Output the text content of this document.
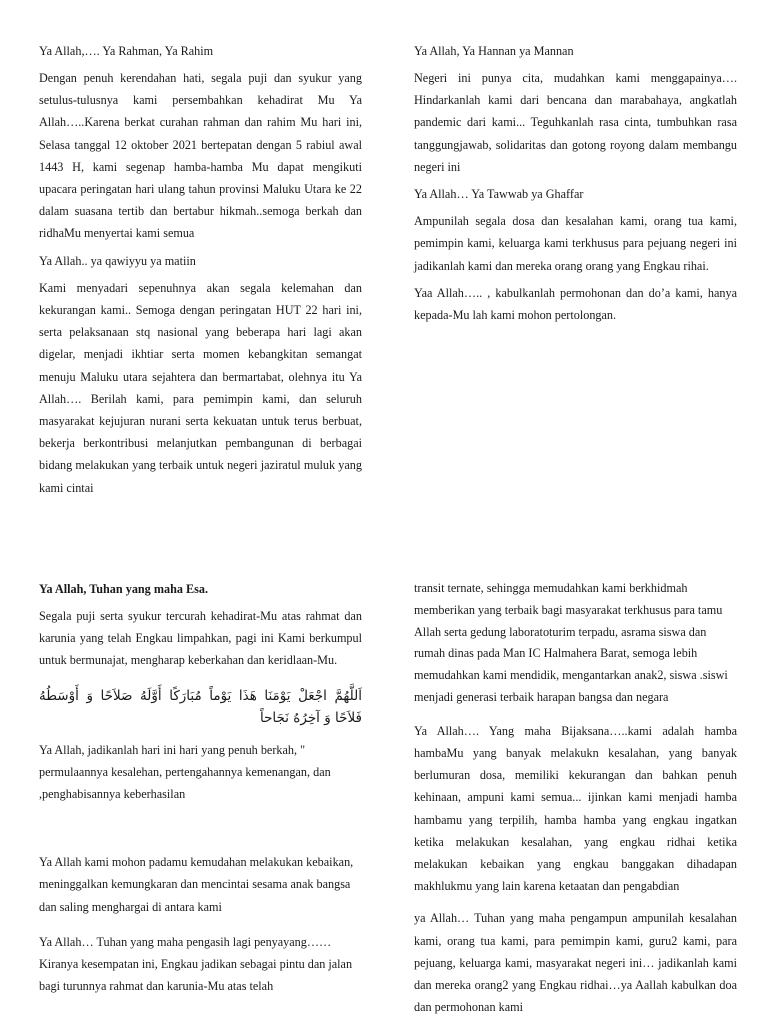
Ya Allah,…. Ya Rahman, Ya Rahim

Dengan penuh kerendahan hati, segala puji dan syukur yang setulus-tulusnya kami persembahkan kehadirat Mu Ya Allah…..Karena berkat curahan rahman dan rahim Mu hari ini, Selasa tanggal 12 oktober 2021 bertepatan dengan 5 rabiul awal 1443 H, kami segenap hamba-hamba Mu dapat mengikuti upacara peringatan hari ulang tahun provinsi Maluku Utara ke 22 dalam suasana tertib dan bertabur hikmah..semoga berkah dan ridhaMu menyertai kami semua

Ya Allah.. ya qawiyyu ya matiin

Kami menyadari sepenuhnya akan segala kelemahan dan kekurangan kami.. Semoga dengan peringatan HUT 22 hari ini, serta pelaksanaan stq nasional yang beberapa hari lagi akan digelar, menjadi ikhtiar serta momen kebangkitan semangat menuju Maluku utara sejahtera dan bermartabat, olehnya itu Ya Allah…. Berilah kami, para pemimpin kami, dan seluruh masyarakat kejujuran nurani serta kekuatan untuk terus berbuat, bekerja berkontribusi melanjutkan pembangunan di berbagai bidang melakukan yang terbaik untuk negeri jaziratul muluk yang kami cintai

Ya Allah, Ya Hannan ya Mannan

Negeri ini punya cita, mudahkan kami menggapainya…. Hindarkanlah kami dari bencana dan marabahaya, angkatlah pandemic dari kami... Teguhkanlah rasa cinta, tumbuhkan rasa tanggungjawab, solidaritas dan gotong royong dalam membangu negeri ini

Ya Allah… Ya Tawwab ya Ghaffar

Ampunilah segala dosa dan kesalahan kami, orang tua kami, pemimpin kami, keluarga kami terkhusus para pejuang negeri ini jadikanlah kami dan mereka orang orang yang Engkau rihai.

Yaa Allah….. , kabulkanlah permohonan dan do’a kami, hanya kepada-Mu lah kami mohon pertolongan.

Ya Allah, Tuhan yang maha Esa.

Segala puji serta syukur tercurah kehadirat-Mu atas rahmat dan karunia yang telah Engkau limpahkan, pagi ini Kami berkumpul untuk bermunajat, mengharap keberkahan dan keridlaan-Mu.

اَللَّهُمَّ اجْعَلْ يَوْمَنَا هَذَا يَوْماً مُبَارَكًا أَوَّلَهُ صَلاَحًا وَ أَوْسَطُهُ فَلاَحًا وَ آخِرُهُ نَجَاحاً

Ya Allah, jadikanlah hari ini hari yang penuh berkah, " permulaannya kesalehan, pertengahannya kemenangan, dan ,penghabisannya keberhasilan

Ya Allah kami mohon padamu kemudahan melakukan kebaikan, meninggalkan kemungkaran dan mencintai sesama anak bangsa dan saling menghargai di antara kami

Ya Allah… Tuhan yang maha pengasih lagi penyayang…… Kiranya kesempatan ini, Engkau jadikan sebagai pintu dan jalan bagi turunnya rahmat dan karunia-Mu atas telah

transit ternate, sehingga memudahkan kami berkhidmah memberikan yang terbaik bagi masyarakat terkhusus para tamu Allah serta gedung laboratoturim terpadu, asrama siswa dan rumah dinas pada Man IC Halmahera Barat, semoga lebih memudahkan kami mendidik, mengantarkan anak2, siswa .siswi menjadi generasi terbaik harapan bangsa dan negara

Ya Allah…. Yang maha Bijaksana…..kami adalah hamba hambaMu yang banyak melakukn kesalahan, yang banyak berlumuran dosa, memiliki kekurangan dan bahkan penuh kehinaan, ampuni kami semua... ijinkan kami menjadi hamba hambamu yang terpilih, hamba hamba yang engkau ingatkan ketika melakukan kesalahan, yang engkau ridhai ketika melakukan kebaikan yang engkau banggakan dihadapan makhlukmu yang lain karena ketaatan dan pengabdian

ya Allah… Tuhan yang maha pengampun ampunilah kesalahan kami, orang tua kami, para pemimpin kami, guru2 kami, para pejuang, keluarga kami, masyarakat negeri ini… jadikanlah kami dan mereka orang2 yang Engkau ridhai…ya Aallah kabulkan doa dan permohonan kami
